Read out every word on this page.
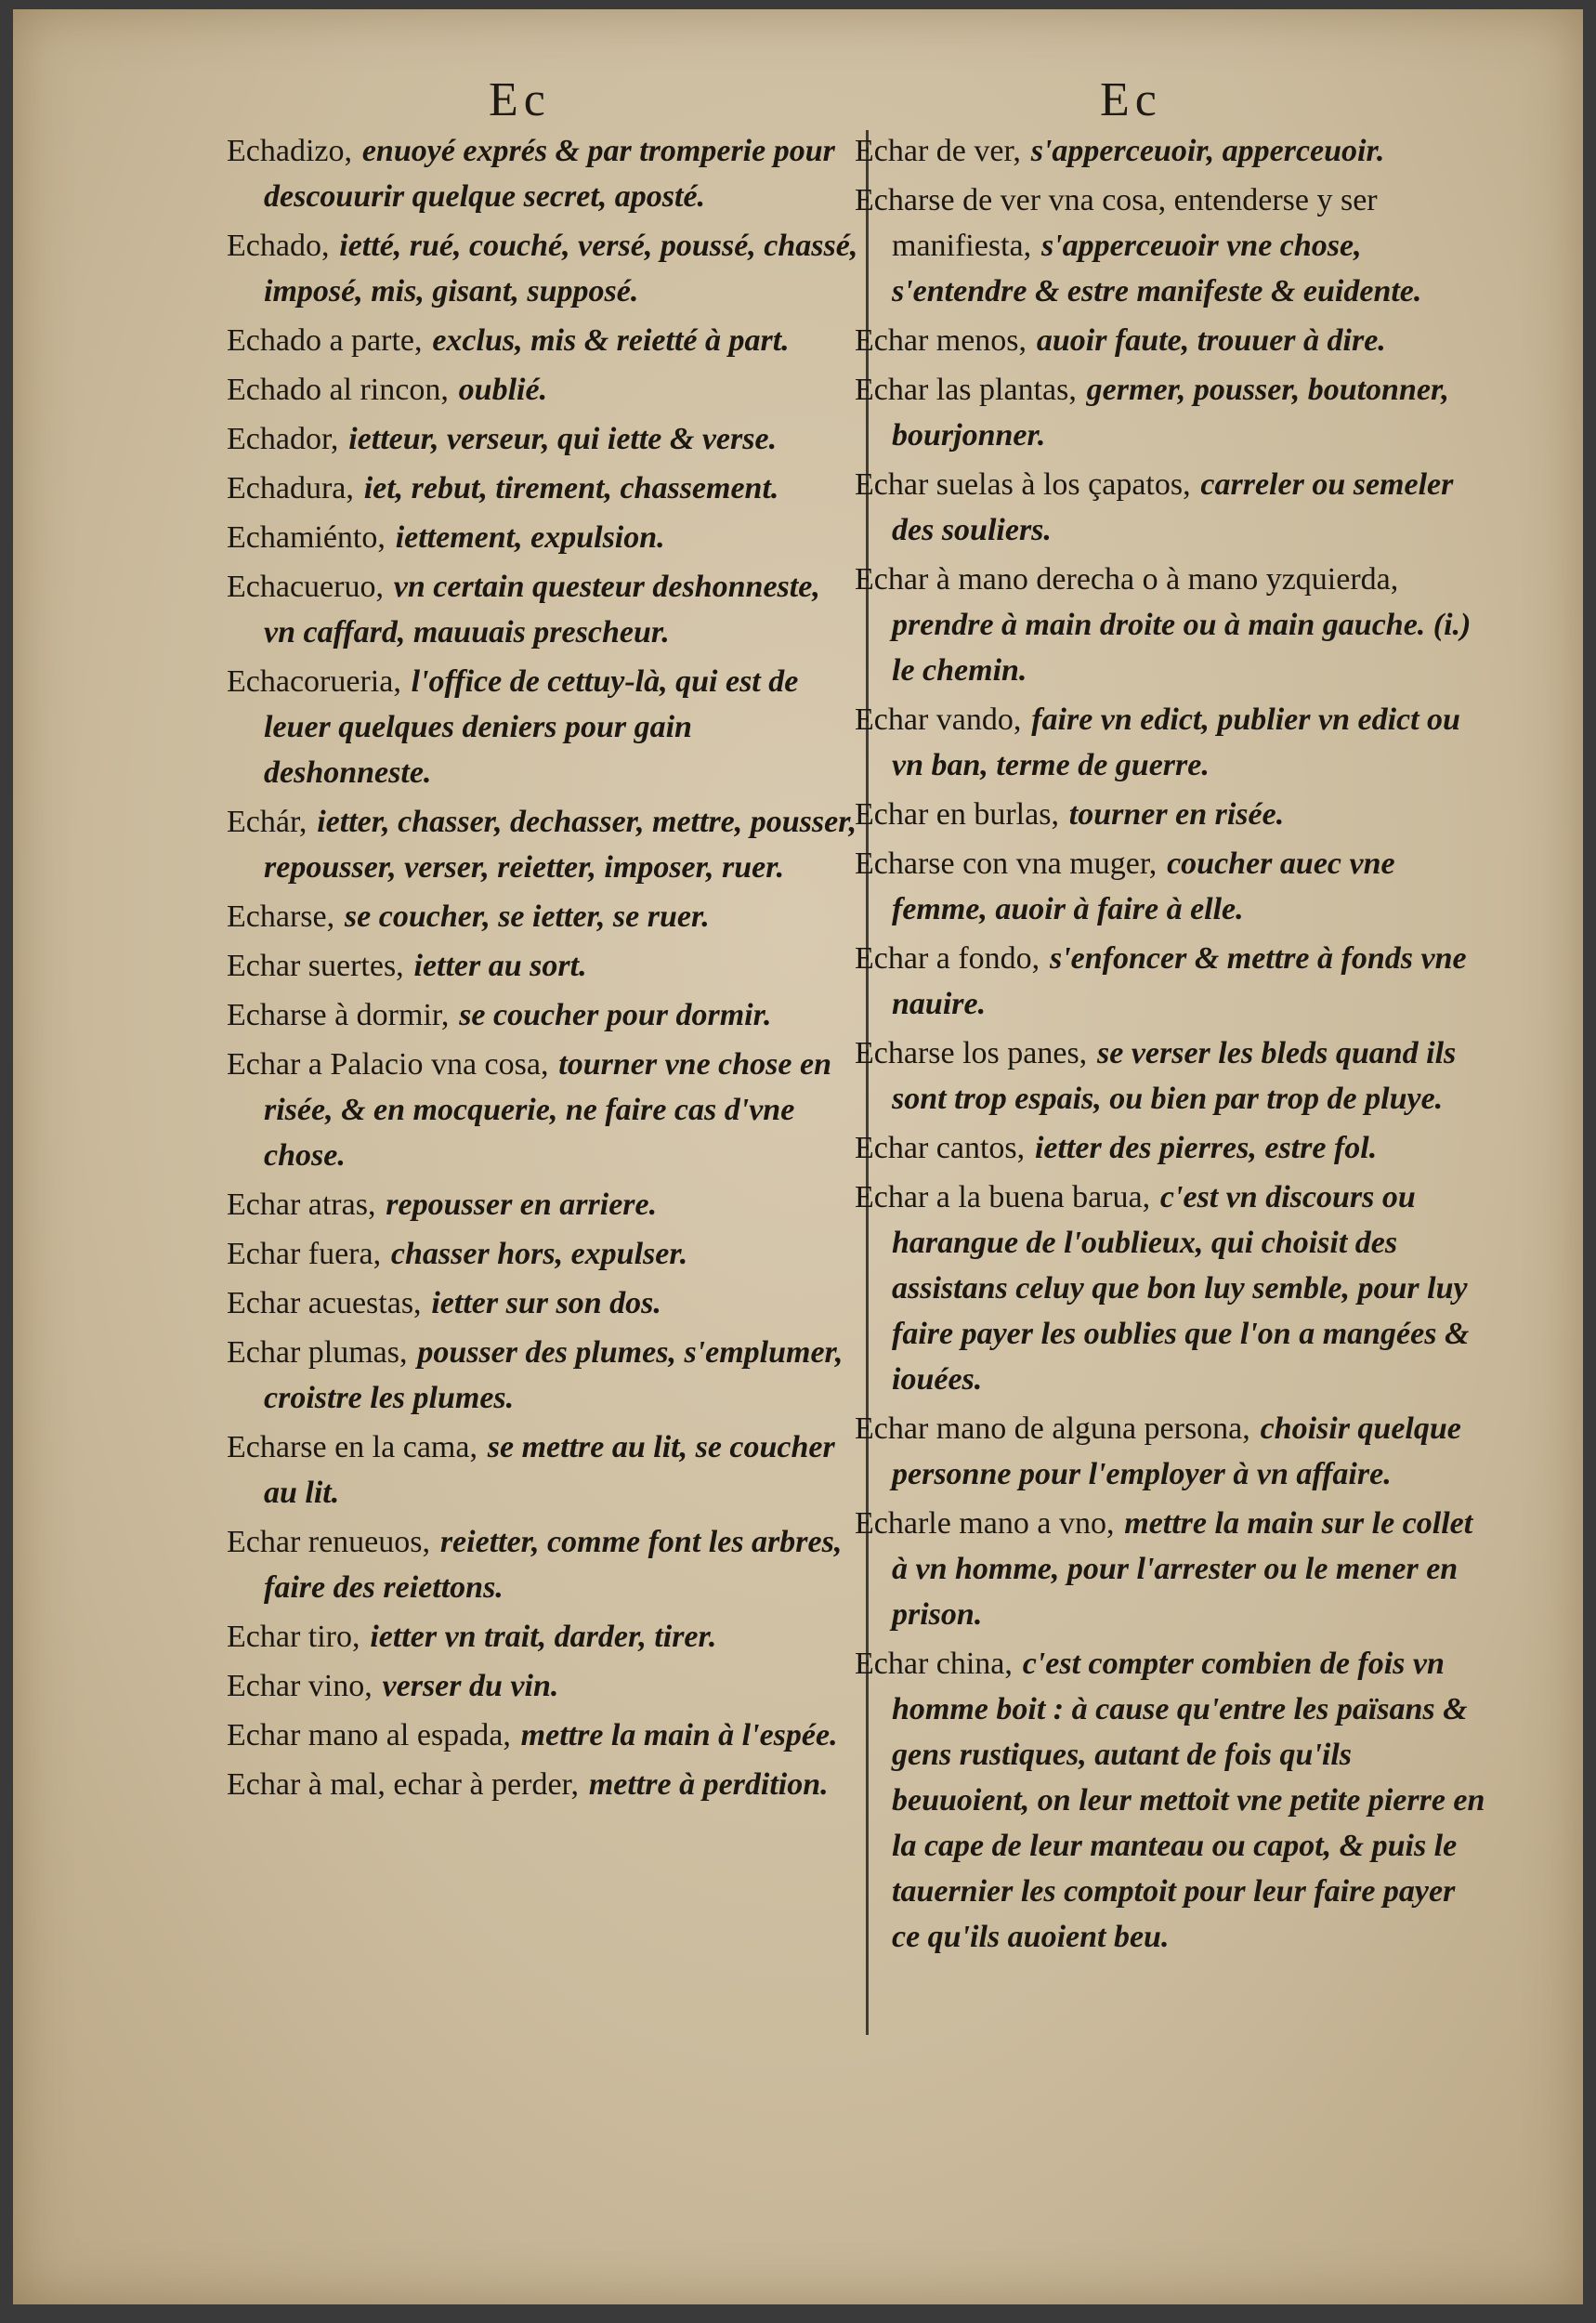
Ec	Ec

Echadizo, enuoyé exprés & par tromperie pour descouurir quelque secret, aposté.

Echado, ietté, rué, couché, versé, poussé, chassé, imposé, mis, gisant, supposé.

Echado a parte, exclus, mis & reietté à part.

Echado al rincon, oublié.

Echador, ietteur, verseur, qui iette & verse.

Echadura, iet, rebut, tirement, chassement.

Echamiénto, iettement, expulsion.

Echacueruo, vn certain questeur deshonneste, vn caffard, mauuais prescheur.

Echacorueria, l'office de cettuy-là, qui est de leuer quelques deniers pour gain deshonneste.

Echár, ietter, chasser, dechasser, mettre, pousser, repousser, verser, reietter, imposer, ruer.

Echarse, se coucher, se ietter, se ruer.

Echar suertes, ietter au sort.

Echarse à dormir, se coucher pour dormir.

Echar a Palacio vna cosa, tourner vne chose en risée, & en mocquerie, ne faire cas d'vne chose.

Echar atras, repousser en arriere.

Echar fuera, chasser hors, expulser.

Echar acuestas, ietter sur son dos.

Echar plumas, pousser des plumes, s'emplumer, croistre les plumes.

Echarse en la cama, se mettre au lit, se coucher au lit.

Echar renueuos, reietter, comme font les arbres, faire des reiettons.

Echar tiro, ietter vn trait, darder, tirer.

Echar vino, verser du vin.

Echar mano al espada, mettre la main à l'espée.

Echar à mal, echar à perder, mettre à perdition.

Echar de ver, s'apperceuoir, apperceuoir.

Echarse de ver vna cosa, entenderse y ser manifiesta, s'apperceuoir vne chose, s'entendre & estre manifeste & euidente.

Echar menos, auoir faute, trouuer à dire.

Echar las plantas, germer, pousser, boutonner, bourjonner.

Echar suelas à los çapatos, carreler ou semeler des souliers.

Echar à mano derecha o à mano yzquierda, prendre à main droite ou à main gauche. (i.) le chemin.

Echar vando, faire vn edict, publier vn edict ou vn ban, terme de guerre.

Echar en burlas, tourner en risée.

Echarse con vna muger, coucher auec vne femme, auoir à faire à elle.

Echar a fondo, s'enfoncer & mettre à fonds vne nauire.

Echarse los panes, se verser les bleds quand ils sont trop espais, ou bien par trop de pluye.

Echar cantos, ietter des pierres, estre fol.

Echar a la buena barua, c'est vn discours ou harangue de l'oublieux, qui choisit des assistans celuy que bon luy semble, pour luy faire payer les oublies que l'on a mangées & iouées.

Echar mano de alguna persona, choisir quelque personne pour l'employer à vn affaire.

Echarle mano a vno, mettre la main sur le collet à vn homme, pour l'arrester ou le mener en prison.

Echar china, c'est compter combien de fois vn homme boit : à cause qu'entre les païsans & gens rustiques, autant de fois qu'ils beuuoient, on leur mettoit vne petite pierre en la cape de leur manteau ou capot, & puis le tauernier les comptoit pour leur faire payer ce qu'ils auoient beu.
